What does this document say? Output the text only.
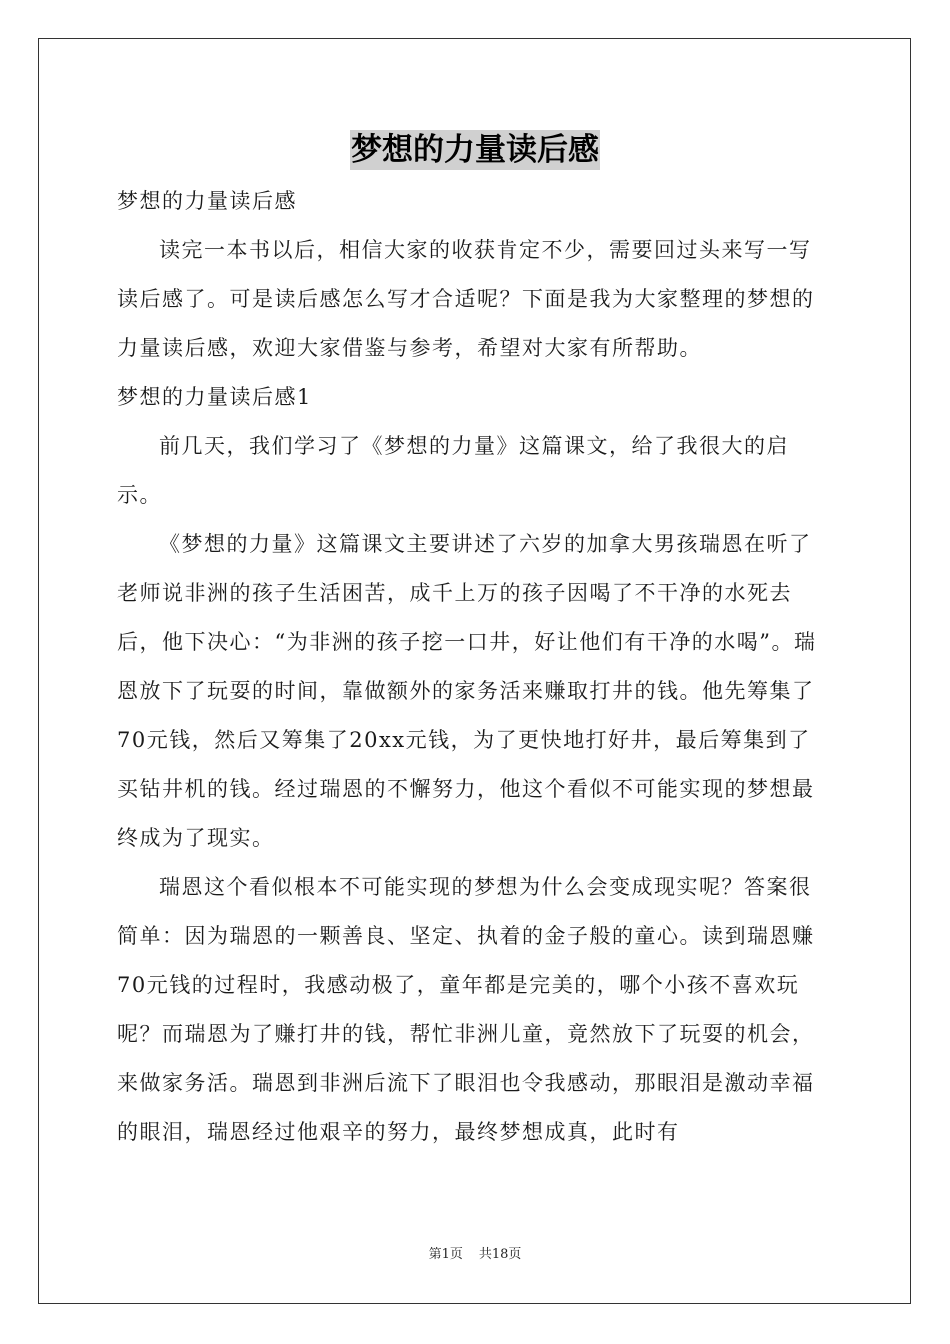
梦想的力量读后感

梦想的力量读后感

读完一本书以后，相信大家的收获肯定不少，需要回过头来写一写读后感了。可是读后感怎么写才合适呢？下面是我为大家整理的梦想的力量读后感，欢迎大家借鉴与参考，希望对大家有所帮助。

梦想的力量读后感1

前几天，我们学习了《梦想的力量》这篇课文，给了我很大的启示。

《梦想的力量》这篇课文主要讲述了六岁的加拿大男孩瑞恩在听了老师说非洲的孩子生活困苦，成千上万的孩子因喝了不干净的水死去后，他下决心：“为非洲的孩子挖一口井，好让他们有干净的水喝”。瑞恩放下了玩耍的时间，靠做额外的家务活来赚取打井的钱。他先筹集了70元钱，然后又筹集了20xx元钱，为了更快地打好井，最后筹集到了买钻井机的钱。经过瑞恩的不懈努力，他这个看似不可能实现的梦想最终成为了现实。

瑞恩这个看似根本不可能实现的梦想为什么会变成现实呢？答案很简单：因为瑞恩的一颗善良、坚定、执着的金子般的童心。读到瑞恩赚70元钱的过程时，我感动极了，童年都是完美的，哪个小孩不喜欢玩呢？而瑞恩为了赚打井的钱，帮忙非洲儿童，竟然放下了玩耍的机会，来做家务活。瑞恩到非洲后流下了眼泪也令我感动，那眼泪是激动幸福的眼泪，瑞恩经过他艰辛的努力，最终梦想成真，此时有

第1页 共18页
